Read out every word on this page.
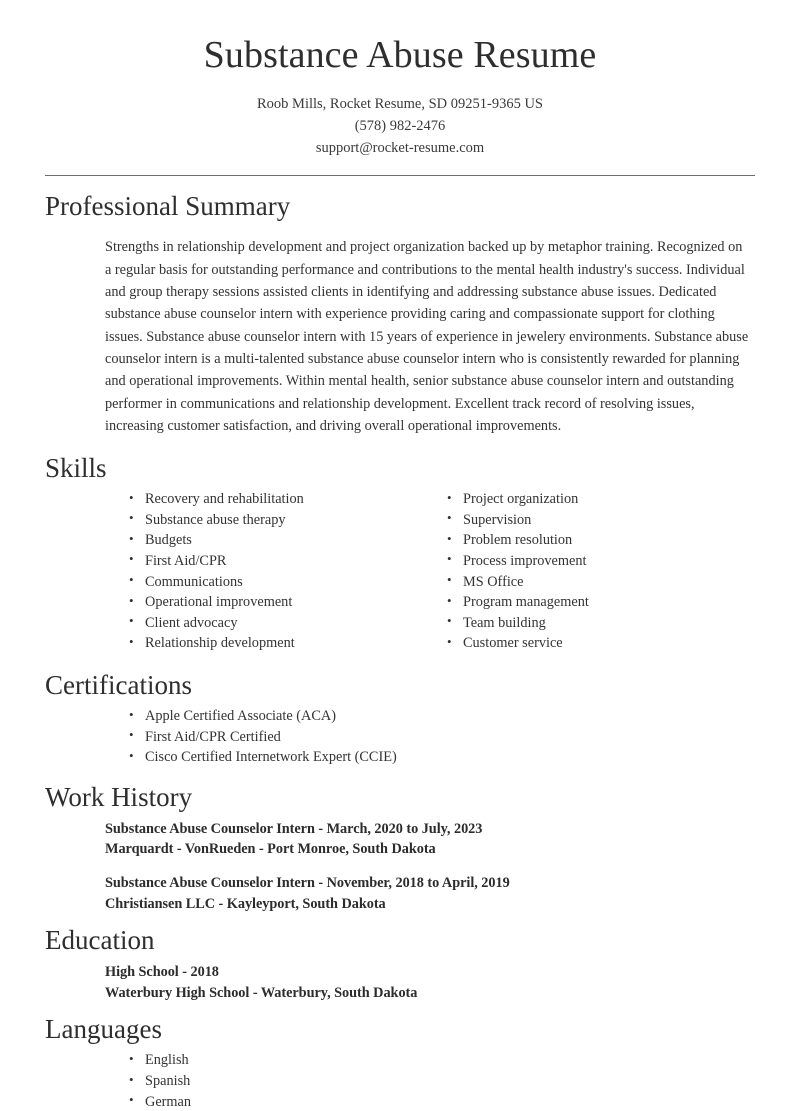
Substance Abuse Resume
Roob Mills, Rocket Resume, SD 09251-9365 US
(578) 982-2476
support@rocket-resume.com
Professional Summary

Strengths in relationship development and project organization backed up by metaphor training. Recognized on a regular basis for outstanding performance and contributions to the mental health industry's success. Individual and group therapy sessions assisted clients in identifying and addressing substance abuse issues. Dedicated substance abuse counselor intern with experience providing caring and compassionate support for clothing issues. Substance abuse counselor intern with 15 years of experience in jewelery environments. Substance abuse counselor intern is a multi-talented substance abuse counselor intern who is consistently rewarded for planning and operational improvements. Within mental health, senior substance abuse counselor intern and outstanding performer in communications and relationship development. Excellent track record of resolving issues, increasing customer satisfaction, and driving overall operational improvements.

Skills
• Recovery and rehabilitation
• Substance abuse therapy
• Budgets
• First Aid/CPR
• Communications
• Operational improvement
• Client advocacy
• Relationship development
• Project organization
• Supervision
• Problem resolution
• Process improvement
• MS Office
• Program management
• Team building
• Customer service
Certifications
• Apple Certified Associate (ACA)
• First Aid/CPR Certified
• Cisco Certified Internetwork Expert (CCIE)
Work History
Substance Abuse Counselor Intern - March, 2020 to July, 2023
Marquardt - VonRueden - Port Monroe, South Dakota
Substance Abuse Counselor Intern - November, 2018 to April, 2019
Christiansen LLC - Kayleyport, South Dakota
Education
High School - 2018
Waterbury High School - Waterbury, South Dakota
Languages
• English
• Spanish
• German
